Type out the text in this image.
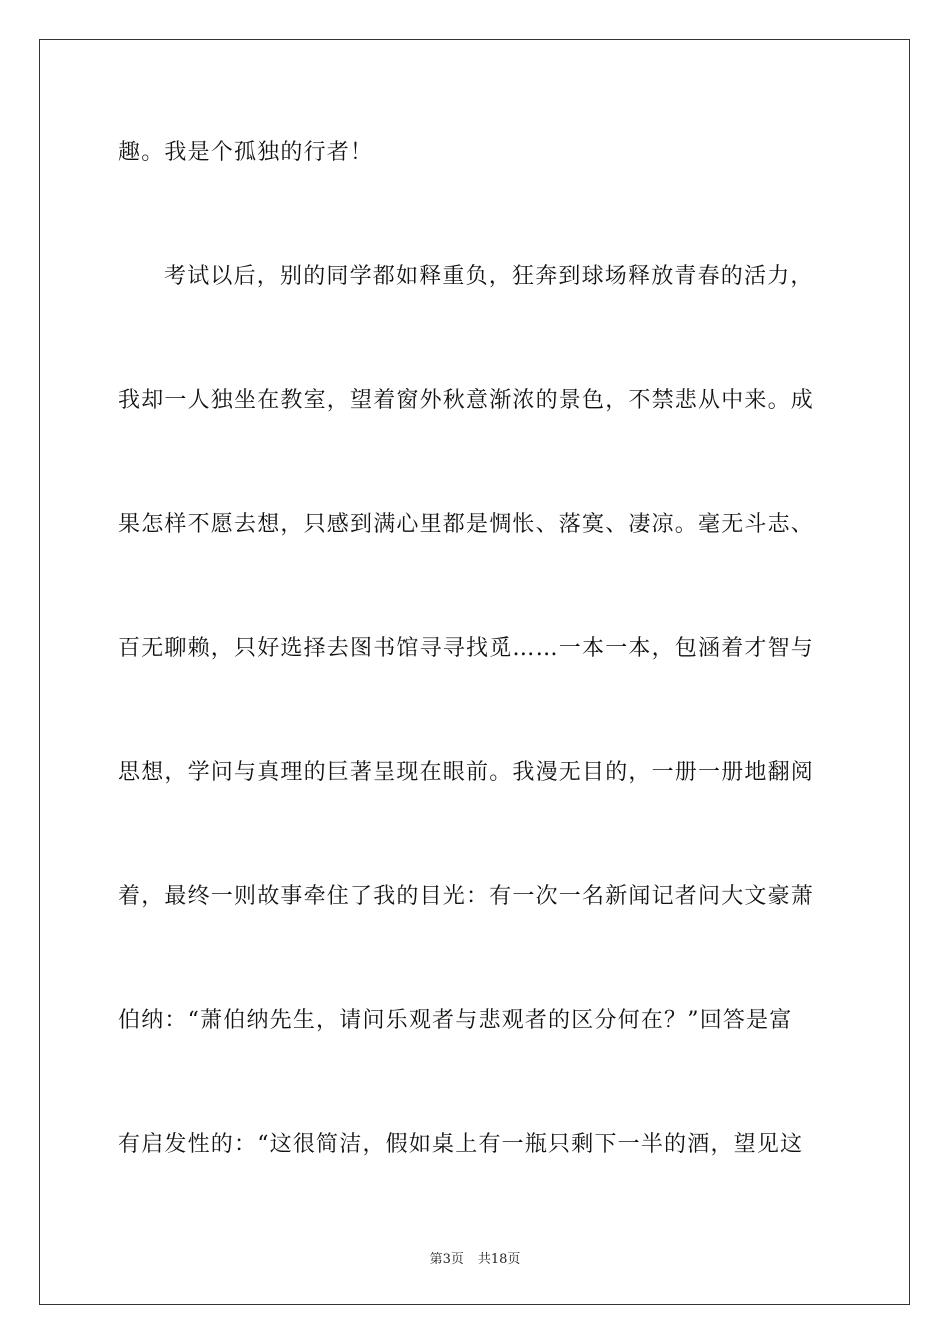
趣。我是个孤独的行者！
考试以后，别的同学都如释重负，狂奔到球场释放青春的活力，
我却一人独坐在教室，望着窗外秋意渐浓的景色，不禁悲从中来。成
果怎样不愿去想，只感到满心里都是惆怅、落寞、凄凉。毫无斗志、
百无聊赖，只好选择去图书馆寻寻找觅……一本一本，包涵着才智与
思想，学问与真理的巨著呈现在眼前。我漫无目的，一册一册地翻阅
着，最终一则故事牵住了我的目光：有一次一名新闻记者问大文豪萧
伯纳：“萧伯纳先生，请问乐观者与悲观者的区分何在？”回答是富
有启发性的：“这很简洁，假如桌上有一瓶只剩下一半的酒，望见这
第3页 共18页
